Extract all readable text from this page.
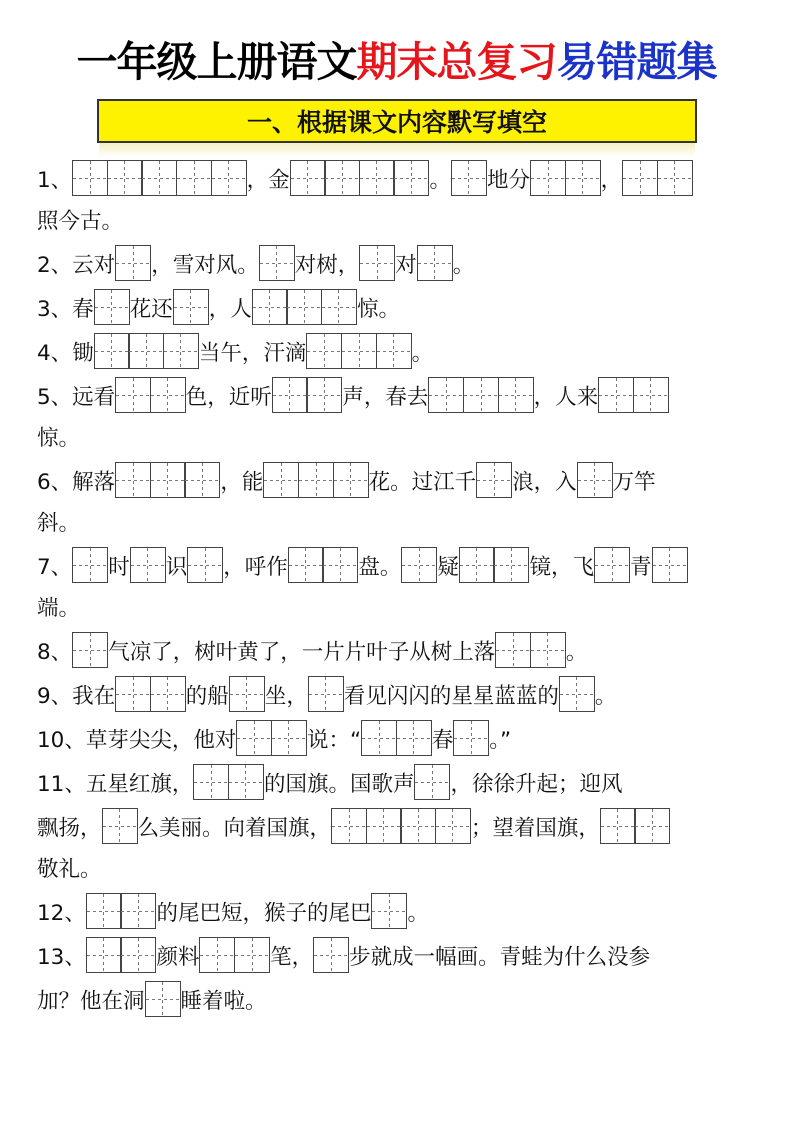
一年级上册语文期末总复习易错题集
一、根据课文内容默写填空
1、	，金	。 地分	，
照今古。
2、云对 ，雪对风。 对树， 对 。
3、春 花还 ，人	惊。
4、锄	当午，汗滴	。
5、远看	色，近听	声，春去	，人来
惊。
6、解落	，能	花。过江千 浪，入 万竿
斜。
7、 时 识 ，呼作	盘。 疑	镜，飞 青
端。
8、 气凉了，树叶黄了，一片片叶子从树上落	。
9、我在	的船 坐， 看见闪闪的星星蓝蓝的 。
10、草芽尖尖，他对	说：“	春 。”
11、五星红旗，	的国旗。国歌声 ，徐徐升起；迎风
飘扬， 么美丽。向着国旗，	；望着国旗，
敬礼。
12、	的尾巴短，猴子的尾巴 。
13、	颜料	笔， 步就成一幅画。青蛙为什么没参
加？他在洞 睡着啦。
